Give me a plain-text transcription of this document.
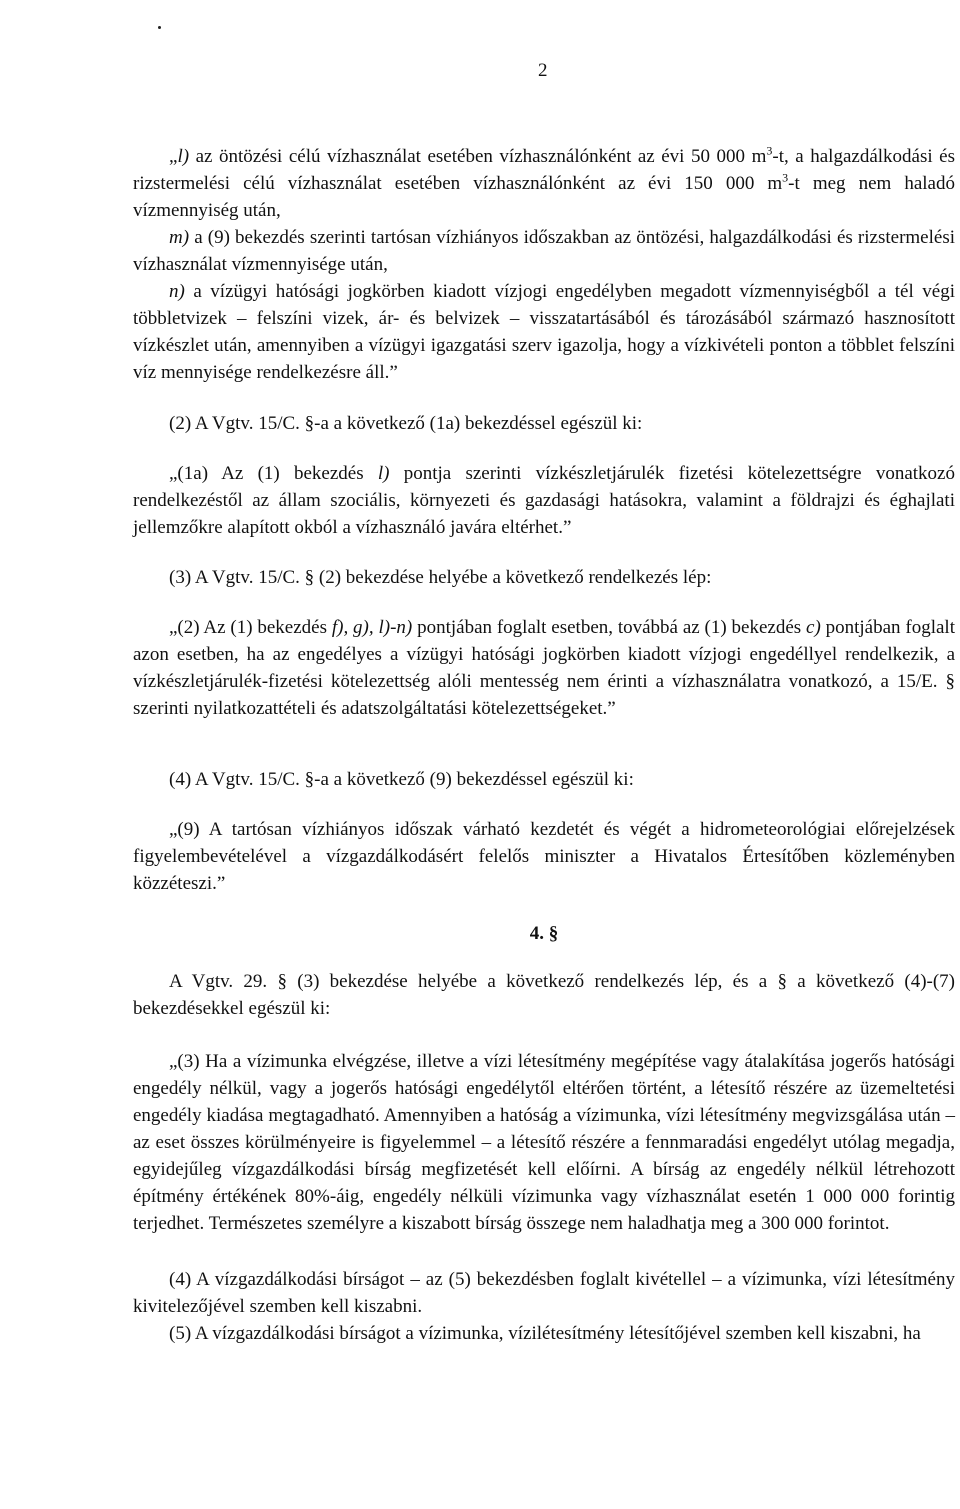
2

„l) az öntözési célú vízhasználat esetében vízhasználónként az évi 50 000 $m^3-t$, a halgazdálkodási és rizstermelési célú vízhasználat esetében vízhasználónként az évi 150 000 $m^3-t$ meg nem haladó vízmennyiség után,

m) a (9) bekezdés szerinti tartósan vízhiányos időszakban az öntözési, halgazdálkodási és rizstermelési vízhasználat vízmennyisége után,

n) a vízügyi hatósági jogkörben kiadott vízjogi engedélyben megadott vízmennyiségből a tél végi többletvizek – felszíni vizek, ár- és belvizek – visszatartásából és tározásából származó hasznosított vízkészlet után, amennyiben a vízügyi igazgatási szerv igazolja, hogy a vízkivételi ponton a többlet felszíni víz mennyisége rendelkezésre áll.”

(2) A Vgtv. 15/C. §-a a következő (1a) bekezdéssel egészül ki:

„(1a) Az (1) bekezdés l) pontja szerinti vízkészletjárulék fizetési kötelezettségre vonatkozó rendelkezéstől az állam szociális, környezeti és gazdasági hatásokra, valamint a földrajzi és éghajlati jellemzőkre alapított okból a vízhasználó javára eltérhet.”

(3) A Vgtv. 15/C. § (2) bekezdése helyébe a következő rendelkezés lép:

„(2) Az (1) bekezdés f), g), l)-n) pontjában foglalt esetben, továbbá az (1) bekezdés c) pontjában foglalt azon esetben, ha az engedélyes a vízügyi hatósági jogkörben kiadott vízjogi engedéllyel rendelkezik, a vízkészletjárulék-fizetési kötelezettség alóli mentesség nem érinti a vízhasználatra vonatkozó, a 15/E. § szerinti nyilatkozattételi és adatszolgáltatási kötelezettségeket.”

(4) A Vgtv. 15/C. §-a a következő (9) bekezdéssel egészül ki:

„(9) A tartósan vízhiányos időszak várható kezdetét és végét a hidrometeorológiai előrejelzések figyelembevételével a vízgazdálkodásért felelős miniszter a Hivatalos Értesítőben közleményben közzéteszi.”

4. §

A Vgtv. 29. § (3) bekezdése helyébe a következő rendelkezés lép, és a § a következő (4)-(7) bekezdésekkel egészül ki:

„(3) Ha a vízimunka elvégzése, illetve a vízi létesítmény megépítése vagy átalakítása jogerős hatósági engedély nélkül, vagy a jogerős hatósági engedélytől eltérően történt, a létesítő részére az üzemeltetési engedély kiadása megtagadható. Amennyiben a hatóság a vízimunka, vízi létesítmény megvizsgálása után – az eset összes körülményeire is figyelemmel – a létesítő részére a fennmaradási engedélyt utólag megadja, egyidejűleg vízgazdálkodási bírság megfizetését kell előírni. A bírság az engedély nélkül létrehozott építmény értékének 80%-áig, engedély nélküli vízimunka vagy vízhasználat esetén 1 000 000 forintig terjedhet. Természetes személyre a kiszabott bírság összege nem haladhatja meg a 300 000 forintot.

(4) A vízgazdálkodási bírságot – az (5) bekezdésben foglalt kivétellel – a vízimunka, vízi létesítmény kivitelezőjével szemben kell kiszabni.

(5) A vízgazdálkodási bírságot a vízimunka, vízilétesítmény létesítőjével szemben kell kiszabni, ha
